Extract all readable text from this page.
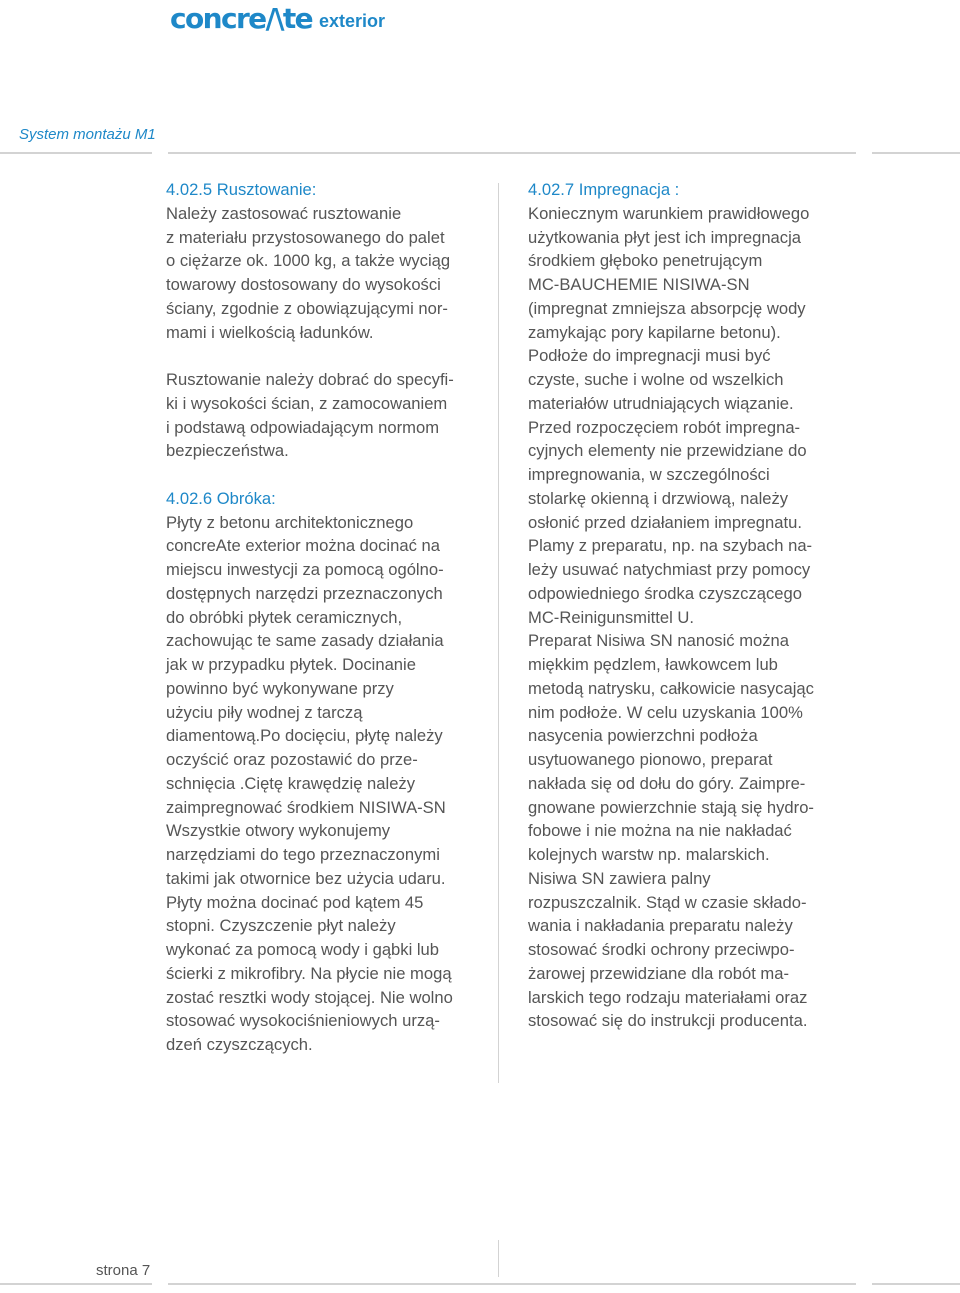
concre/\te exterior
System montażu M1

4.02.5 Rusztowanie:

Należy zastosować rusztowanie
z materiału przystosowanego do palet
o ciężarze ok. 1000 kg, a także wyciąg
towarowy dostosowany do wysokości
ściany, zgodnie z obowiązującymi nor-
mami i wielkością ładunków.

Rusztowanie należy dobrać do specyfi-
ki i wysokości ścian, z zamocowaniem
i podstawą odpowiadającym normom
bezpieczeństwa.

4.02.6 Obróka:

Płyty z betonu architektonicznego
concreAte exterior można docinać na
miejscu inwestycji za pomocą ogólno-
dostępnych narzędzi przeznaczonych
do obróbki płytek ceramicznych,
zachowując te same zasady działania
jak w przypadku płytek. Docinanie
powinno być wykonywane przy
użyciu piły wodnej z tarczą
diamentową.Po docięciu, płytę należy
oczyścić oraz pozostawić do prze-
schnięcia .Ciętę krawędzię należy
zaimpregnować środkiem NISIWA-SN
Wszystkie otwory wykonujemy
narzędziami do tego przeznaczonymi
takimi jak otwornice bez użycia udaru.
Płyty można docinać pod kątem 45
stopni. Czyszczenie płyt należy
wykonać za pomocą wody i gąbki lub
ścierki z mikrofibry. Na płycie nie mogą
zostać resztki wody stojącej. Nie wolno
stosować wysokociśnieniowych urzą-
dzeń czyszczących.

4.02.7 Impregnacja :

Koniecznym warunkiem prawidłowego
użytkowania płyt jest ich impregnacja
środkiem głęboko penetrującym
MC-BAUCHEMIE NISIWA-SN
(impregnat zmniejsza absorpcję wody
zamykając pory kapilarne betonu).
Podłoże do impregnacji musi być
czyste, suche i wolne od wszelkich
materiałów utrudniających wiązanie.
Przed rozpoczęciem robót impregna-
cyjnych elementy nie przewidziane do
impregnowania, w szczególności
stolarkę okienną i drzwiową, należy
osłonić przed działaniem impregnatu.
Plamy z preparatu, np. na szybach na-
leży usuwać natychmiast przy pomocy
odpowiedniego środka czyszczącego
MC-Reinigunsmittel U.
Preparat Nisiwa SN nanosić można
miękkim pędzlem, ławkowcem lub
metodą natrysku, całkowicie nasycając
nim podłoże. W celu uzyskania 100%
nasycenia powierzchni podłoża
usytuowanego pionowo, preparat
nakłada się od dołu do góry. Zaimpre-
gnowane powierzchnie stają się hydro-
fobowe i nie można na nie nakładać
kolejnych warstw np. malarskich.
Nisiwa SN zawiera palny
rozpuszczalnik. Stąd w czasie składo-
wania i nakładania preparatu należy
stosować środki ochrony przeciwpo-
żarowej przewidziane dla robót ma-
larskich tego rodzaju materiałami oraz
stosować się do instrukcji producenta.

strona 7
